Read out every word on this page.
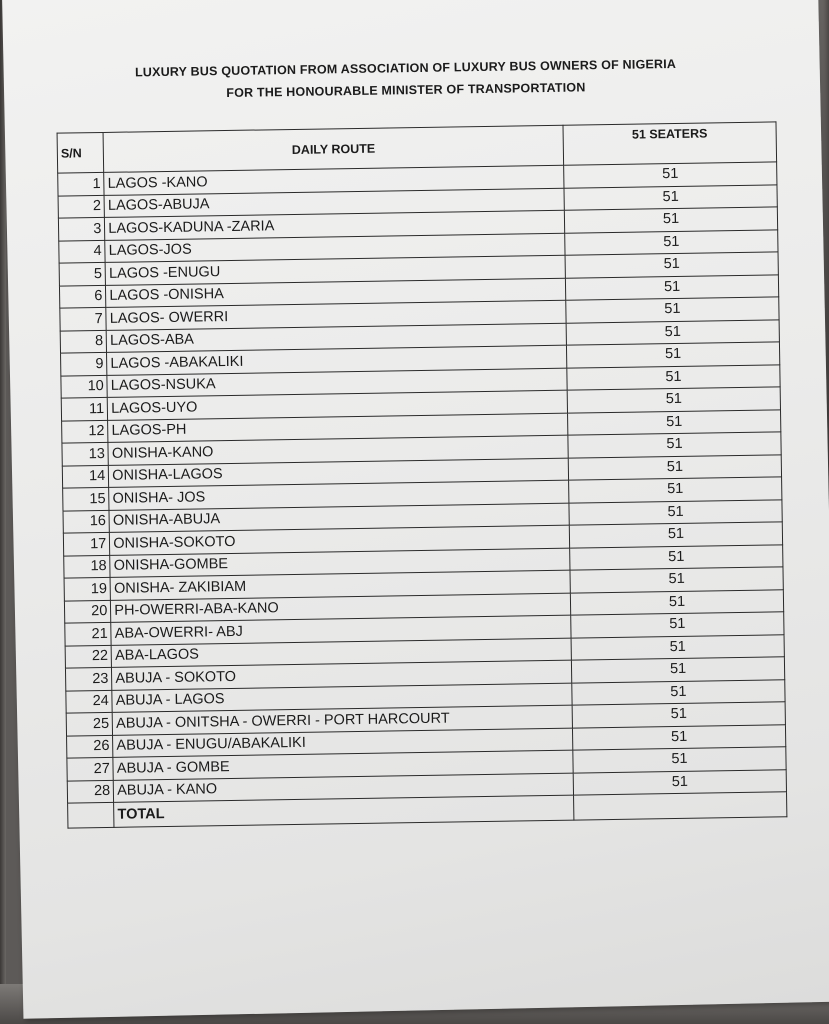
LUXURY BUS QUOTATION FROM ASSOCIATION OF LUXURY BUS OWNERS OF NIGERIA
FOR THE HONOURABLE MINISTER OF TRANSPORTATION
S/N	DAILY ROUTE	51 SEATERS
1	LAGOS -KANO	51
2	LAGOS-ABUJA	51
3	LAGOS-KADUNA -ZARIA	51
4	LAGOS-JOS	51
5	LAGOS -ENUGU	51
6	LAGOS -ONISHA	51
7	LAGOS- OWERRI	51
8	LAGOS-ABA	51
9	LAGOS -ABAKALIKI	51
10	LAGOS-NSUKA	51
11	LAGOS-UYO	51
12	LAGOS-PH	51
13	ONISHA-KANO	51
14	ONISHA-LAGOS	51
15	ONISHA- JOS	51
16	ONISHA-ABUJA	51
17	ONISHA-SOKOTO	51
18	ONISHA-GOMBE	51
19	ONISHA- ZAKIBIAM	51
20	PH-OWERRI-ABA-KANO	51
21	ABA-OWERRI- ABJ	51
22	ABA-LAGOS	51
23	ABUJA - SOKOTO	51
24	ABUJA - LAGOS	51
25	ABUJA - ONITSHA - OWERRI - PORT HARCOURT	51
26	ABUJA - ENUGU/ABAKALIKI	51
27	ABUJA - GOMBE	51
28	ABUJA - KANO	51
	TOTAL	
